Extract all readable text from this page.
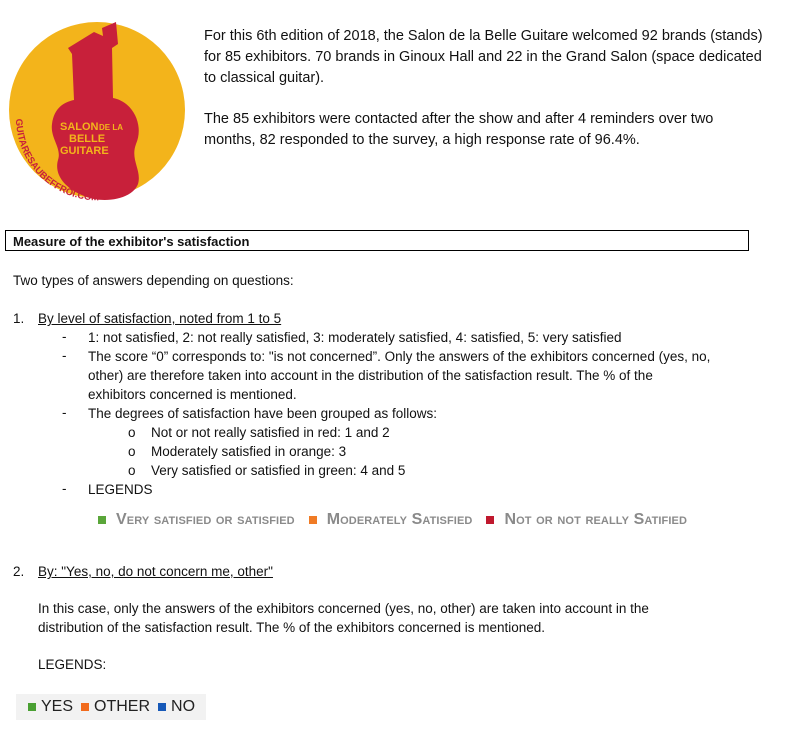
SALON DE LA
BELLE
GUITARE
GUITARESAUBEFFROI.COM

For this 6th edition of 2018, the Salon de la Belle Guitare welcomed 92 brands (stands) for 85 exhibitors. 70 brands in Ginoux Hall and 22 in the Grand Salon (space dedicated to classical guitar).

The 85 exhibitors were contacted after the show and after 4 reminders over two months, 82 responded to the survey, a high response rate of 96.4%.

Measure of the exhibitor's satisfaction
Two types of answers depending on questions:
1. By level of satisfaction, noted from 1 to 5
- 1: not satisfied, 2: not really satisfied, 3: moderately satisfied, 4: satisfied, 5: very satisfied
- The score “0” corresponds to: "is not concerned”. Only the answers of the exhibitors concerned (yes, no,
other) are therefore taken into account in the distribution of the satisfaction result. The % of the
exhibitors concerned is mentioned.
- The degrees of satisfaction have been grouped as follows:
o Not or not really satisfied in red: 1 and 2
o Moderately satisfied in orange: 3
o Very satisfied or satisfied in green: 4 and 5
- LEGENDS
Very satisfied or satisfied Moderately Satisfied Not or not really Satified
2. By: "Yes, no, do not concern me, other"
In this case, only the answers of the exhibitors concerned (yes, no, other) are taken into account in the
distribution of the satisfaction result. The % of the exhibitors concerned is mentioned.
LEGENDS:
YES OTHER NO
